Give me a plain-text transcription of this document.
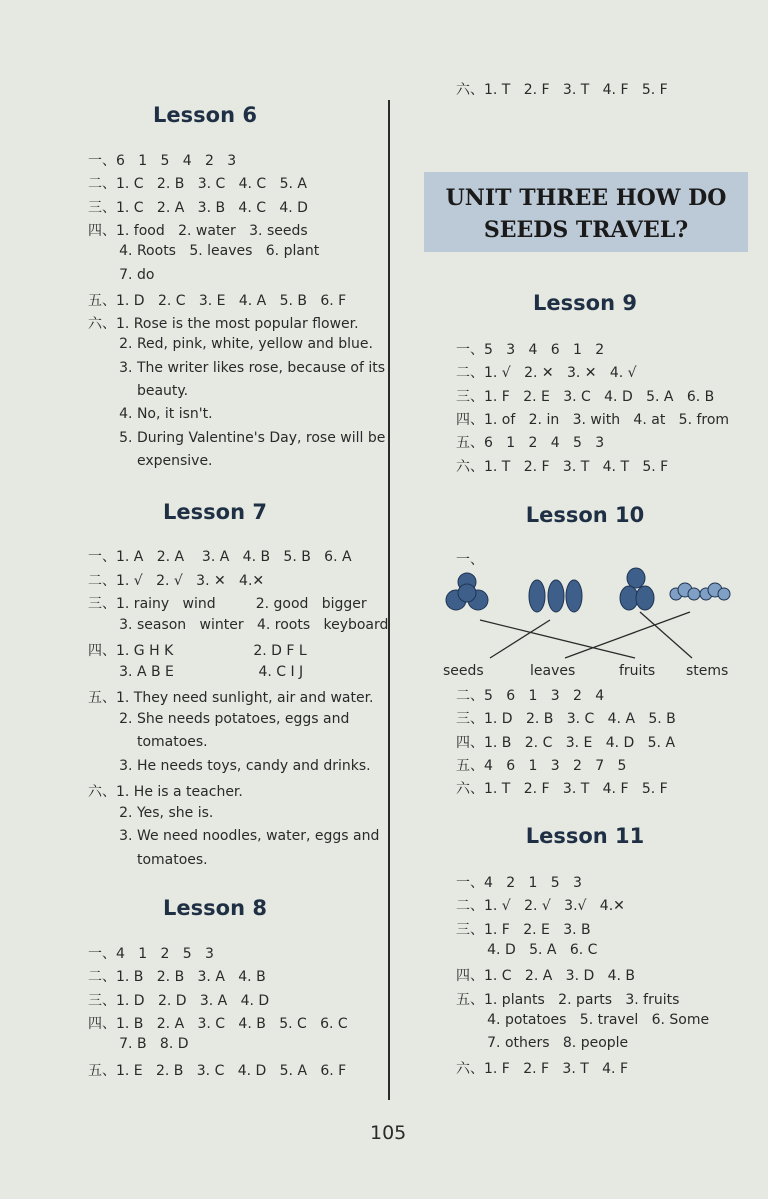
Lesson 6
一、6   1   5   4   2   3
二、1. C   2. B   3. C   4. C   5. A
三、1. C   2. A   3. B   4. C   4. D
四、1. food   2. water   3. seeds
4. Roots   5. leaves   6. plant
7. do
五、1. D   2. C   3. E   4. A   5. B   6. F
六、1. Rose is the most popular flower.
2. Red, pink, white, yellow and blue.
3. The writer likes rose, because of its
beauty.
4. No, it isn't.
5. During Valentine's Day, rose will be
expensive.
Lesson 7
一、1. A   2. A    3. A   4. B   5. B   6. A
二、1. √   2. √   3. ✕   4.✕
三、1. rainy   wind         2. good   bigger
3. season   winter   4. roots   keyboard
四、1. G H K                  2. D F L
3. A B E                   4. C I J
五、1. They need sunlight, air and water.
2. She needs potatoes, eggs and
tomatoes.
3. He needs toys, candy and drinks.
六、1. He is a teacher.
2. Yes, she is.
3. We need noodles, water, eggs and
tomatoes.
Lesson 8
一、4   1   2   5   3
二、1. B   2. B   3. A   4. B
三、1. D   2. D   3. A   4. D
四、1. B   2. A   3. C   4. B   5. C   6. C
7. B   8. D
五、1. E   2. B   3. C   4. D   5. A   6. F
六、1. T   2. F   3. T   4. F   5. F
UNIT THREE HOW DO
SEEDS TRAVEL?
Lesson 9
一、5   3   4   6   1   2
二、1. √   2. ✕   3. ✕   4. √
三、1. F   2. E   3. C   4. D   5. A   6. B
四、1. of   2. in   3. with   4. at   5. from
五、6   1   2   4   5   3
六、1. T   2. F   3. T   4. T   5. F
Lesson 10
一、
seeds	leaves	fruits stems
二、5   6   1   3   2   4
三、1. D   2. B   3. C   4. A   5. B
四、1. B   2. C   3. E   4. D   5. A
五、4   6   1   3   2   7   5
六、1. T   2. F   3. T   4. F   5. F
Lesson 11
一、4   2   1   5   3
二、1. √   2. √   3.√   4.✕
三、1. F   2. E   3. B
4. D   5. A   6. C
四、1. C   2. A   3. D   4. B
五、1. plants   2. parts   3. fruits
4. potatoes   5. travel   6. Some
7. others   8. people
六、1. F   2. F   3. T   4. F
105
